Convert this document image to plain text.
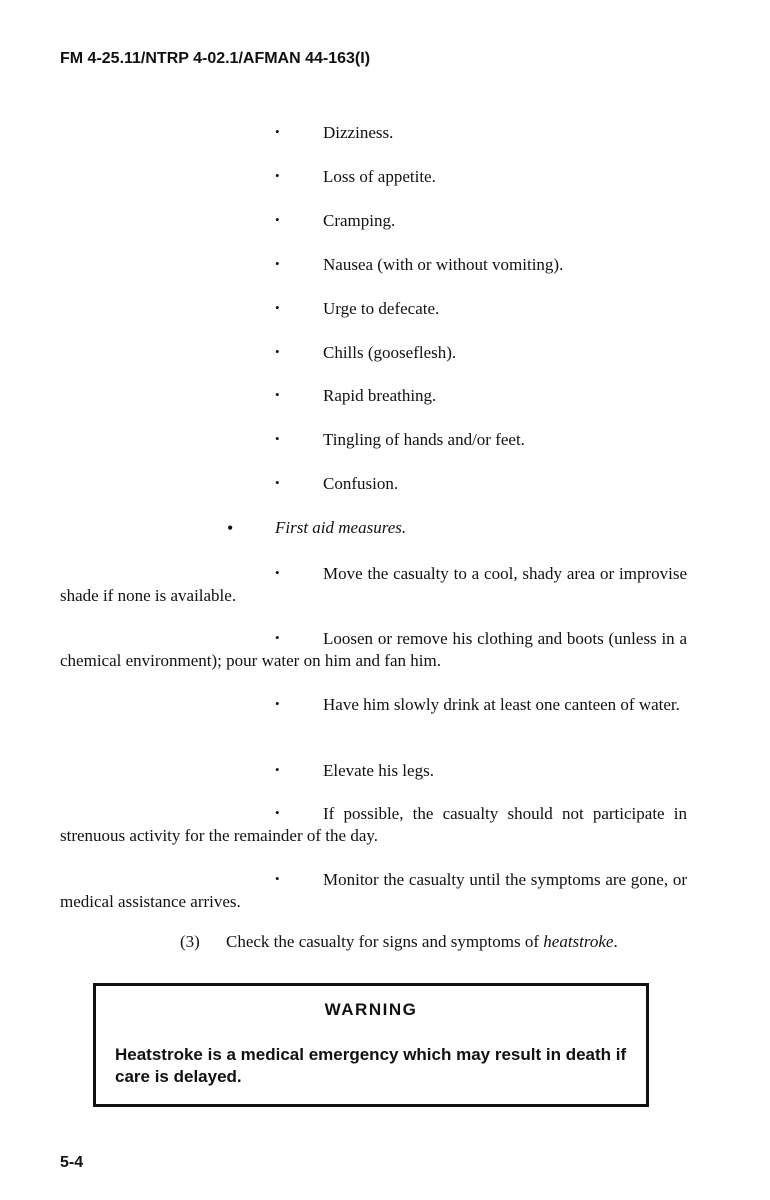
FM 4-25.11/NTRP 4-02.1/AFMAN 44-163(I)
•	Dizziness.
•	Loss of appetite.
•	Cramping.
•	Nausea (with or without vomiting).
•	Urge to defecate.
•	Chills (gooseflesh).
•	Rapid breathing.
•	Tingling of hands and/or feet.
•	Confusion.
• First aid measures.
•	Move the casualty to a cool, shady area or improvise shade if none is available.
•	Loosen or remove his clothing and boots (unless in a chemical environment); pour water on him and fan him.
•	Have him slowly drink at least one canteen of water.
•	Elevate his legs.
•	If possible, the casualty should not participate in strenuous activity for the remainder of the day.
•	Monitor the casualty until the symptoms are gone, or medical assistance arrives.
(3) Check the casualty for signs and symptoms of heatstroke.
WARNING
Heatstroke is a medical emergency which may result in death if care is delayed.
5-4
